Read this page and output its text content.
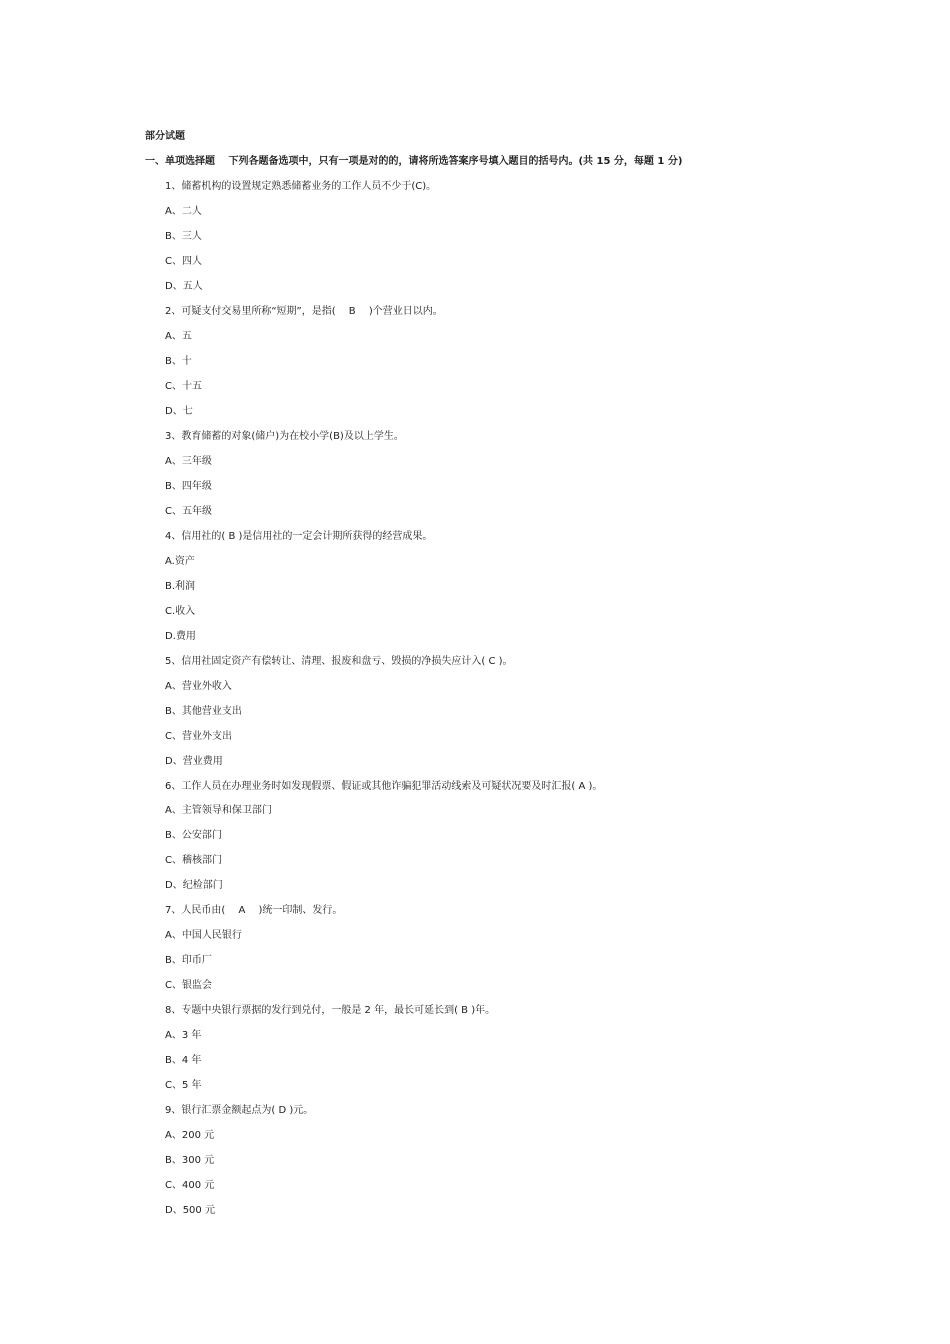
部分试题
一、单项选择题　 下列各题备选项中，只有一项是对的的，请将所选答案序号填入题目的括号内。(共 15 分，每题 1 分)
1、储蓄机构的设置规定熟悉储蓄业务的工作人员不少于(C)。
A、二人
B、三人
C、四人
D、五人
2、可疑支付交易里所称“短期”，是指(　 B　 )个营业日以内。
A、五
B、十
C、十五
D、七
3、教育储蓄的对象(储户)为在校小学(B)及以上学生。
A、三年级
B、四年级
C、五年级
4、信用社的( B )是信用社的一定会计期所获得的经营成果。
A.资产
B.利润
C.收入
D.费用
5、信用社固定资产有偿转让、清理、报废和盘亏、毁损的净损失应计入( C )。
A、营业外收入
B、其他营业支出
C、营业外支出
D、营业费用
6、工作人员在办理业务时如发现假票、假证或其他诈骗犯罪活动线索及可疑状况要及时汇报( A )。
A、主管领导和保卫部门
B、公安部门
C、稽核部门
D、纪检部门
7、人民币由(　 A　 )统一印制、发行。
A、中国人民银行
B、印币厂
C、银监会
8、专题中央银行票据的发行到兑付，一般是 2 年，最长可延长到( B )年。
A、3 年
B、4 年
C、5 年
9、银行汇票金额起点为( D )元。
A、200 元
B、300 元
C、400 元
D、500 元
